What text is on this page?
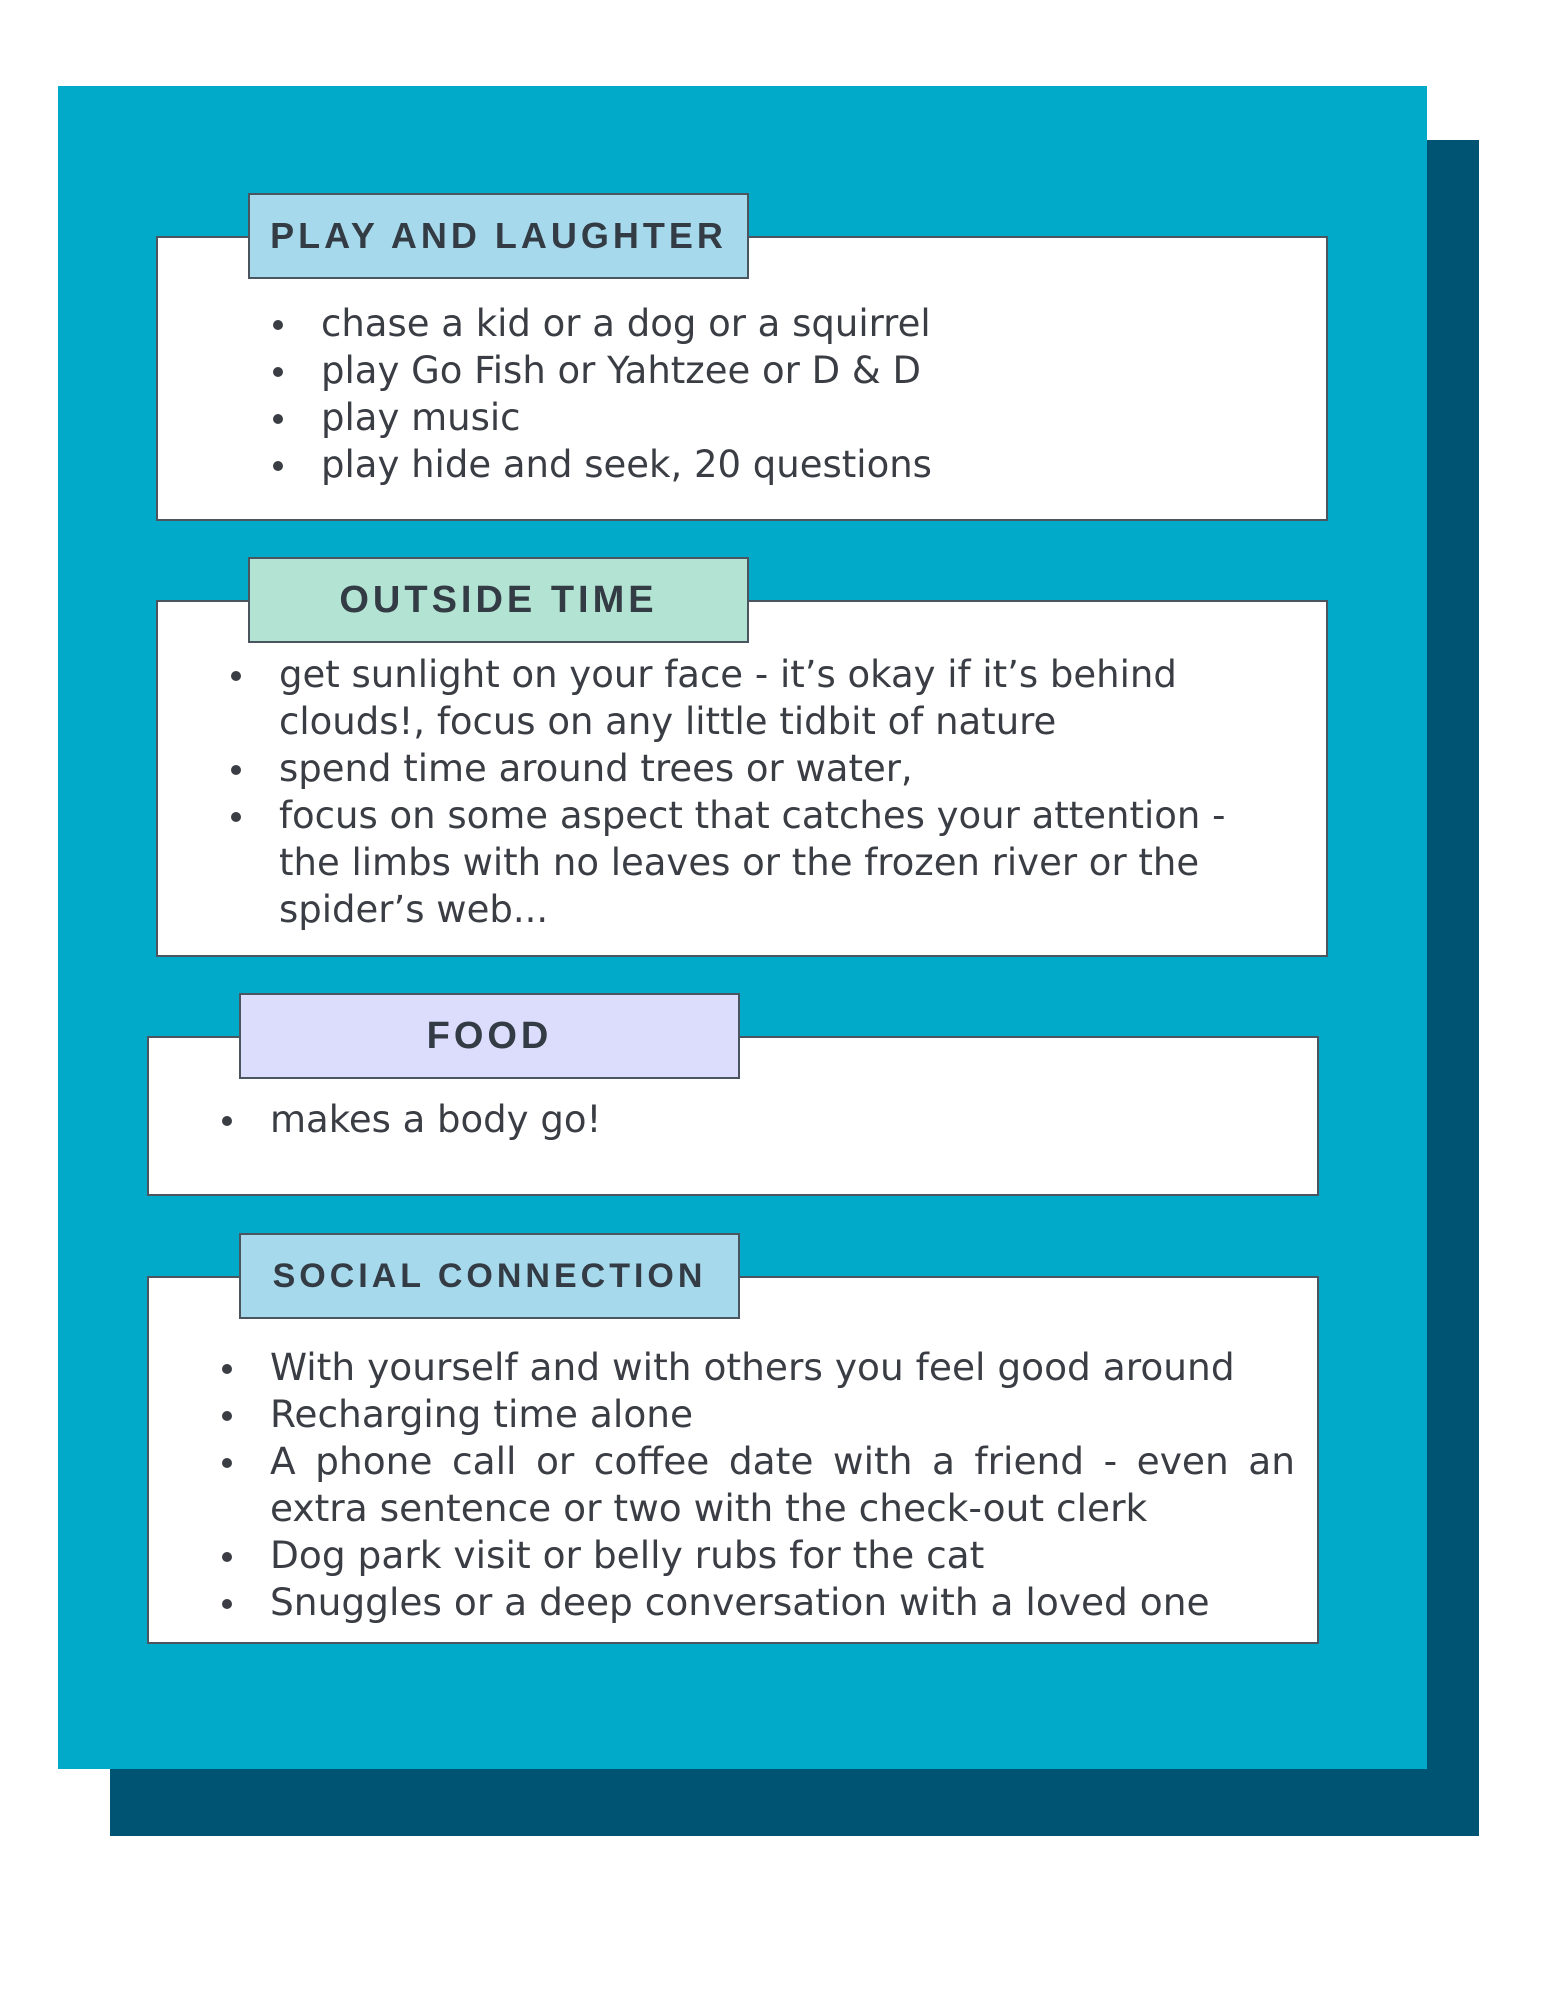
PLAY AND LAUGHTER
chase a kid or a dog or a squirrel
play Go Fish or Yahtzee or D & D
play music
play hide and seek, 20 questions
OUTSIDE TIME
get sunlight on your face - it’s okay if it’s behind clouds!, focus on any little tidbit of nature
spend time around trees or water,
focus on some aspect that catches your attention - the limbs with no leaves or the frozen river or the spider’s web...
FOOD
makes a body go!
SOCIAL CONNECTION
With yourself and with others you feel good around
Recharging time alone
A phone call or coffee date with a friend - even an extra sentence or two with the check-out clerk
Dog park visit or belly rubs for the cat
Snuggles or a deep conversation with a loved one
